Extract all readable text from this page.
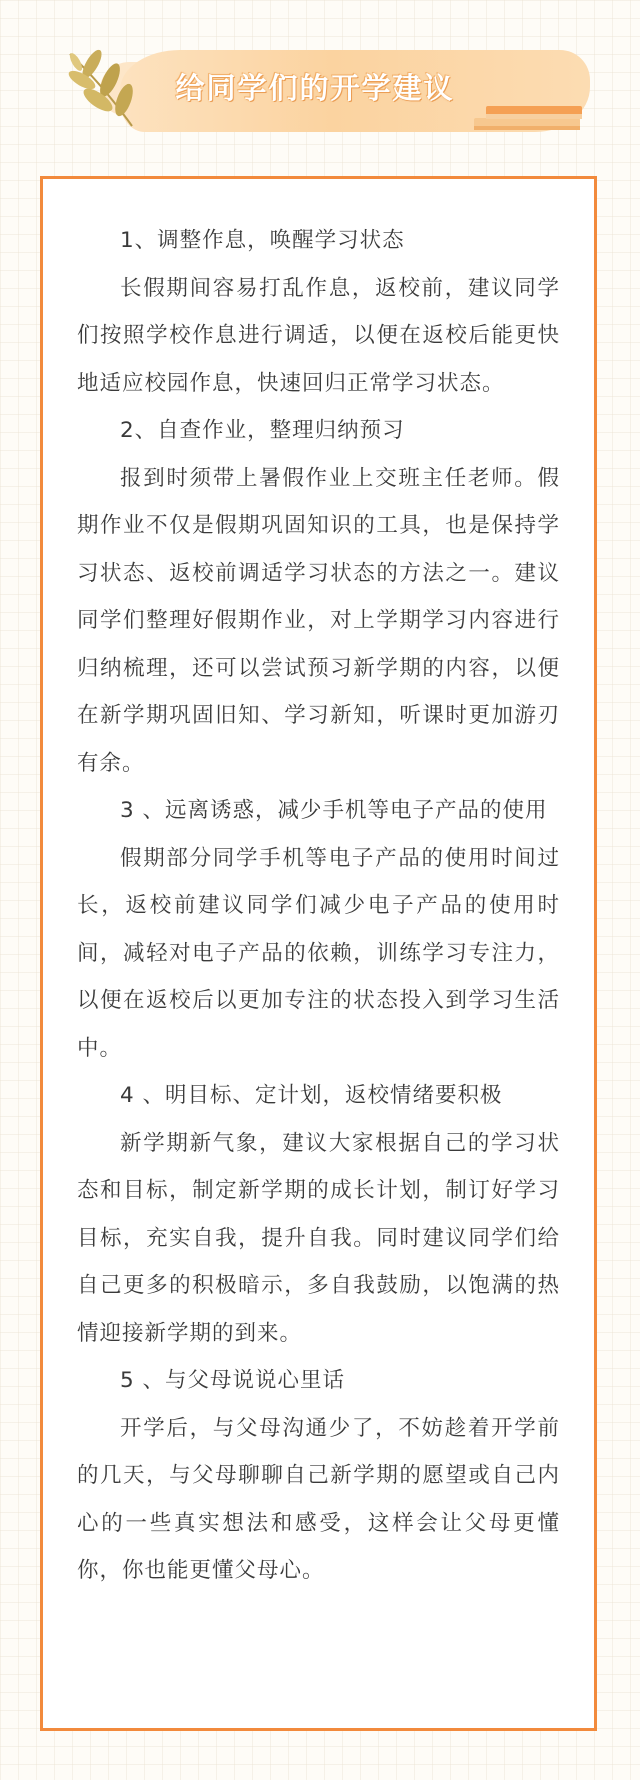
给同学们的开学建议

1、调整作息，唤醒学习状态

长假期间容易打乱作息，返校前，建议同学们按照学校作息进行调适，以便在返校后能更快地适应校园作息，快速回归正常学习状态。

2、自查作业，整理归纳预习

报到时须带上暑假作业上交班主任老师。假期作业不仅是假期巩固知识的工具，也是保持学习状态、返校前调适学习状态的方法之一。建议同学们整理好假期作业，对上学期学习内容进行归纳梳理，还可以尝试预习新学期的内容，以便在新学期巩固旧知、学习新知，听课时更加游刃有余。

3 、远离诱惑，减少手机等电子产品的使用

假期部分同学手机等电子产品的使用时间过长，返校前建议同学们减少电子产品的使用时间，减轻对电子产品的依赖，训练学习专注力，以便在返校后以更加专注的状态投入到学习生活中。

4 、明目标、定计划，返校情绪要积极

新学期新气象，建议大家根据自己的学习状态和目标，制定新学期的成长计划，制订好学习目标，充实自我，提升自我。同时建议同学们给自己更多的积极暗示，多自我鼓励，以饱满的热情迎接新学期的到来。

5 、与父母说说心里话

开学后，与父母沟通少了，不妨趁着开学前的几天，与父母聊聊自己新学期的愿望或自己内心的一些真实想法和感受，这样会让父母更懂你，你也能更懂父母心。
